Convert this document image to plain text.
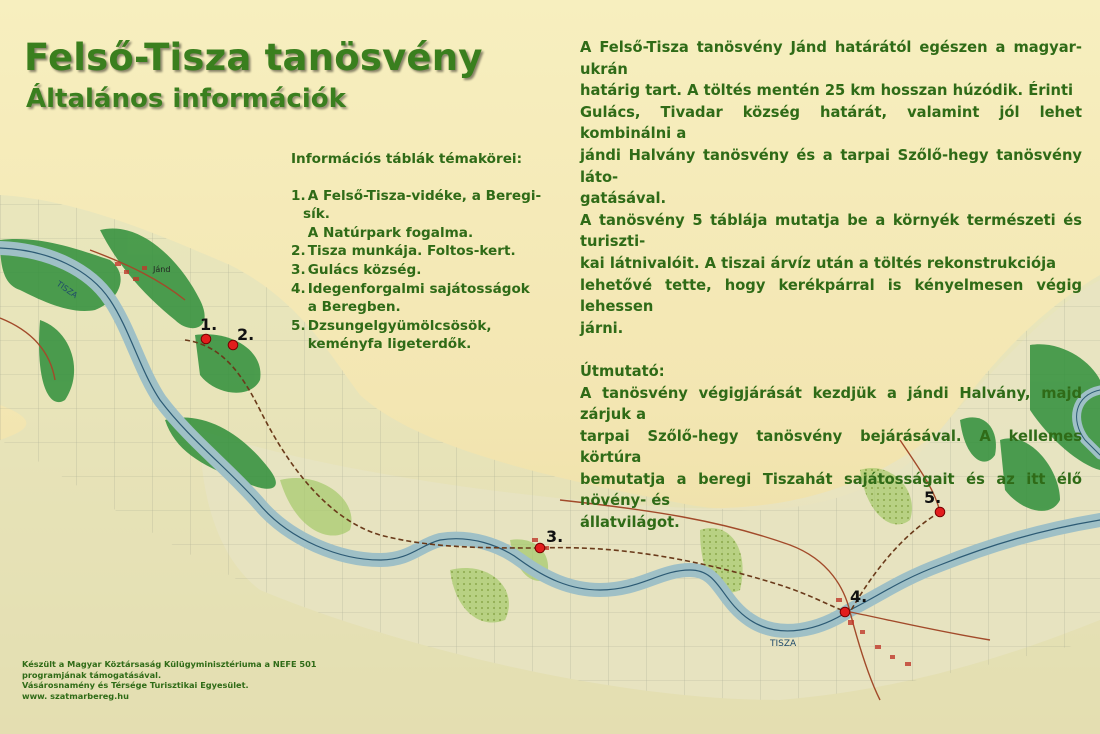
Jánd
TISZA
TISZA
1.
2.
3.
4.
5.
Felső-Tisza tanösvény
Általános információk
Információs táblák témakörei:
1. A Felső-Tisza-vidéke, a Beregi-sík.
A Natúrpark fogalma.
2. Tisza munkája. Foltos-kert.
3. Gulács község.
4. Idegenforgalmi sajátosságok
a Beregben.
5. Dzsungelgyümölcsösök,
keményfa ligeterdők.

A Felső-Tisza tanösvény Jánd határától egészen a magyar-ukrán

határig tart. A töltés mentén 25 km hosszan húzódik. Érinti

Gulács, Tivadar község határát, valamint jól lehet kombinálni a

jándi Halvány tanösvény és a tarpai Szőlő-hegy tanösvény láto-

gatásával.

A tanösvény 5 táblája mutatja be a környék természeti és turiszti-

kai látnivalóit. A tiszai árvíz után a töltés rekonstrukciója

lehetővé tette, hogy kerékpárral is kényelmesen végig lehessen

járni.

Útmutató:

A tanösvény végigjárását kezdjük a jándi Halvány, majd zárjuk a

tarpai Szőlő-hegy tanösvény bejárásával. A kellemes körtúra

bemutatja a beregi Tiszahát sajátosságait és az itt élő növény- és

állatvilágot.

Készült a Magyar Köztársaság Külügyminisztériuma a NEFE 501
programjának támogatásával.
Vásárosnamény és Térsége Turisztikai Egyesület.
www. szatmarbereg.hu
